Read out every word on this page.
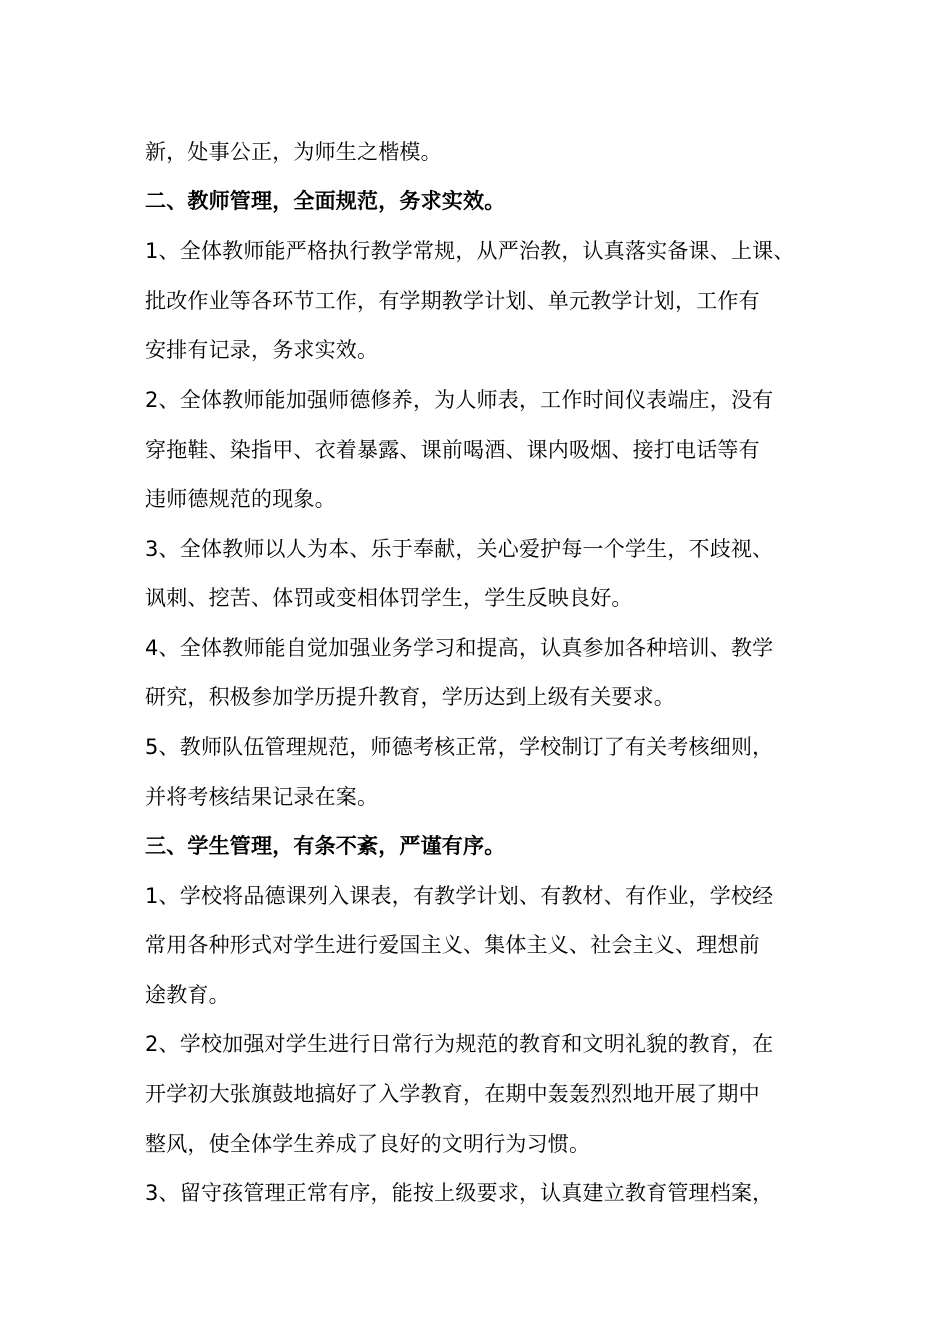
新，处事公正，为师生之楷模。
二、教师管理，全面规范，务求实效。
1、全体教师能严格执行教学常规，从严治教，认真落实备课、上课、
批改作业等各环节工作，有学期教学计划、单元教学计划，工作有
安排有记录，务求实效。
2、全体教师能加强师德修养，为人师表，工作时间仪表端庄，没有
穿拖鞋、染指甲、衣着暴露、课前喝酒、课内吸烟、接打电话等有
违师德规范的现象。
3、全体教师以人为本、乐于奉献，关心爱护每一个学生，不歧视、
讽刺、挖苦、体罚或变相体罚学生，学生反映良好。
4、全体教师能自觉加强业务学习和提高，认真参加各种培训、教学
研究，积极参加学历提升教育，学历达到上级有关要求。
5、教师队伍管理规范，师德考核正常，学校制订了有关考核细则，
并将考核结果记录在案。
三、学生管理，有条不紊，严谨有序。
1、学校将品德课列入课表，有教学计划、有教材、有作业，学校经
常用各种形式对学生进行爱国主义、集体主义、社会主义、理想前
途教育。
2、学校加强对学生进行日常行为规范的教育和文明礼貌的教育，在
开学初大张旗鼓地搞好了入学教育，在期中轰轰烈烈地开展了期中
整风，使全体学生养成了良好的文明行为习惯。
3、留守孩管理正常有序，能按上级要求，认真建立教育管理档案，
